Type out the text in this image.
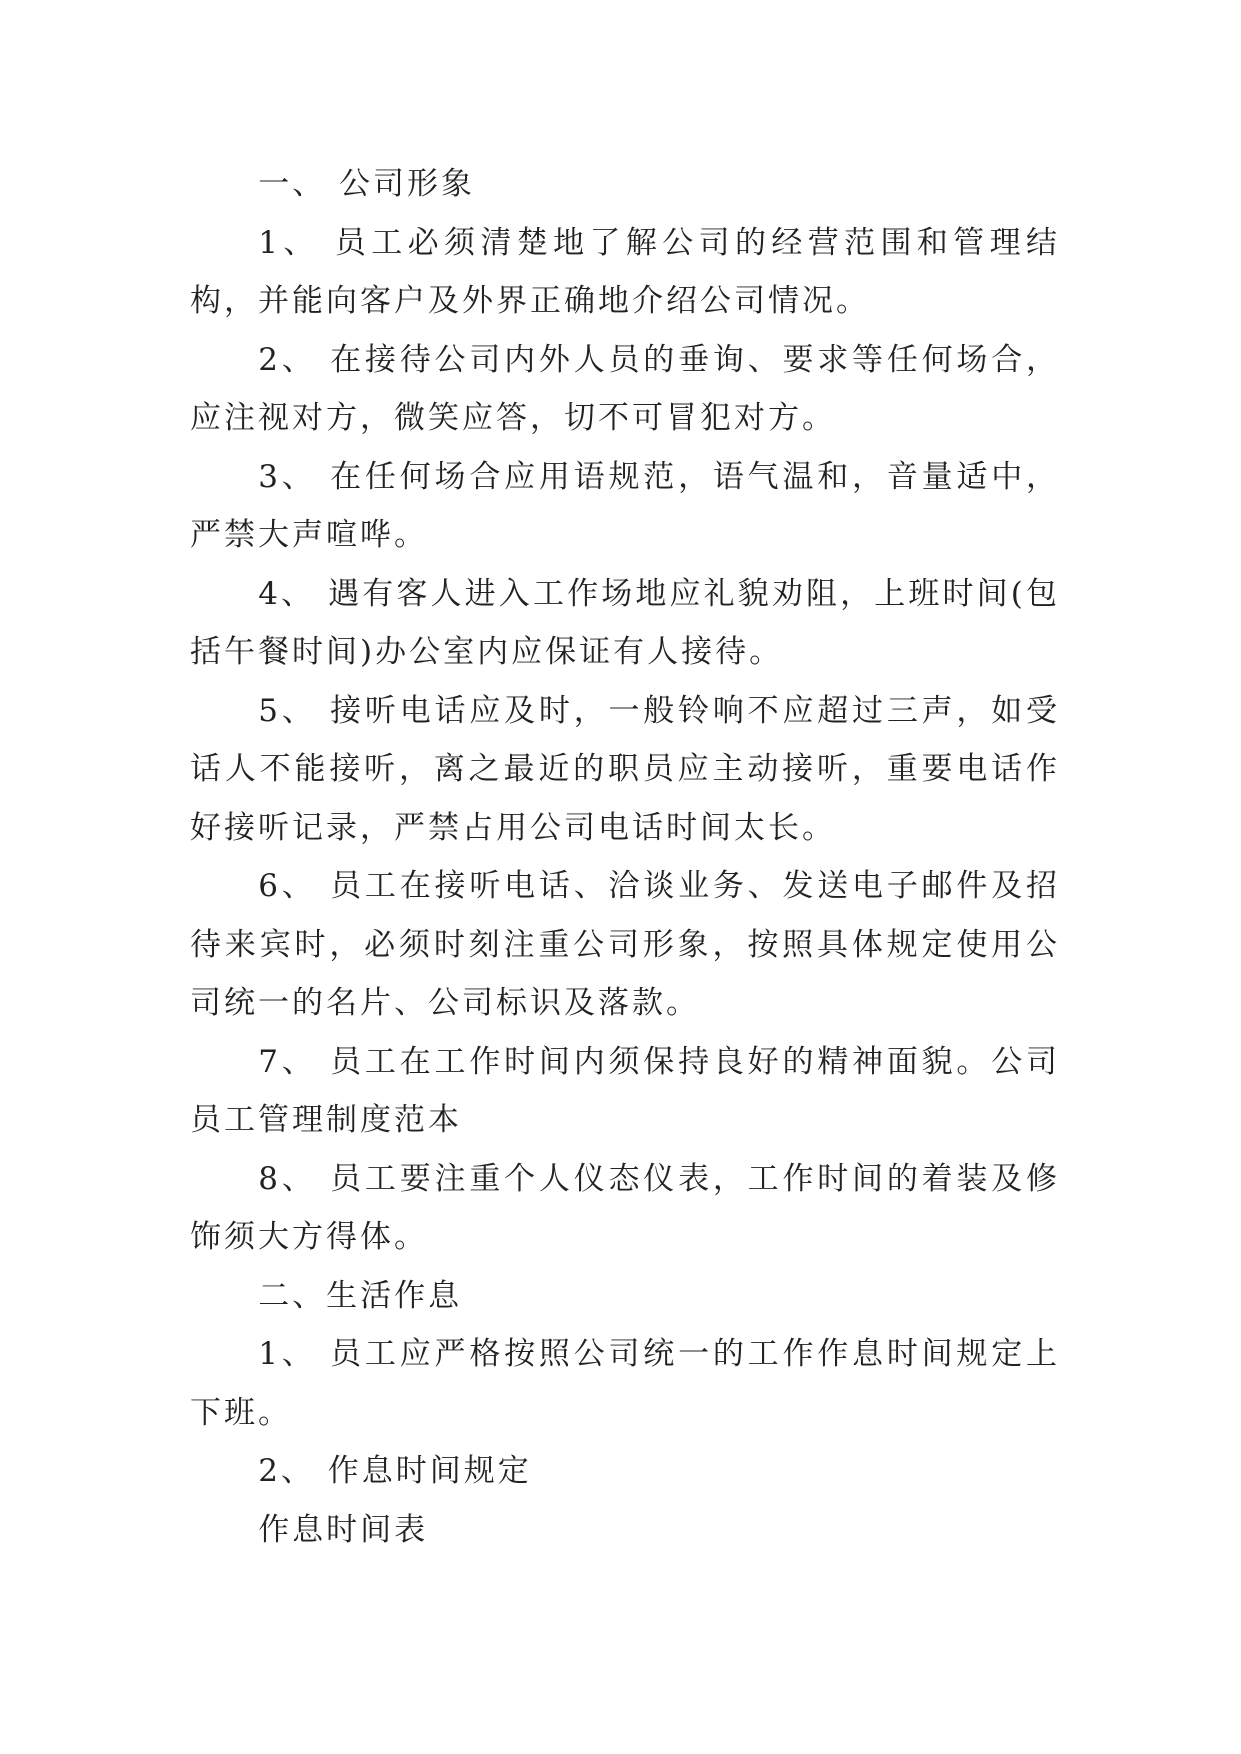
一、 公司形象

1、 员工必须清楚地了解公司的经营范围和管理结构，并能向客户及外界正确地介绍公司情况。

2、 在接待公司内外人员的垂询、要求等任何场合，应注视对方，微笑应答，切不可冒犯对方。

3、 在任何场合应用语规范，语气温和，音量适中，严禁大声喧哗。

4、 遇有客人进入工作场地应礼貌劝阻，上班时间(包括午餐时间)办公室内应保证有人接待。

5、 接听电话应及时，一般铃响不应超过三声，如受话人不能接听，离之最近的职员应主动接听，重要电话作好接听记录，严禁占用公司电话时间太长。

6、 员工在接听电话、洽谈业务、发送电子邮件及招待来宾时，必须时刻注重公司形象，按照具体规定使用公司统一的名片、公司标识及落款。

7、 员工在工作时间内须保持良好的精神面貌。公司员工管理制度范本

8、 员工要注重个人仪态仪表，工作时间的着装及修饰须大方得体。

二、生活作息

1、 员工应严格按照公司统一的工作作息时间规定上下班。

2、 作息时间规定

作息时间表
